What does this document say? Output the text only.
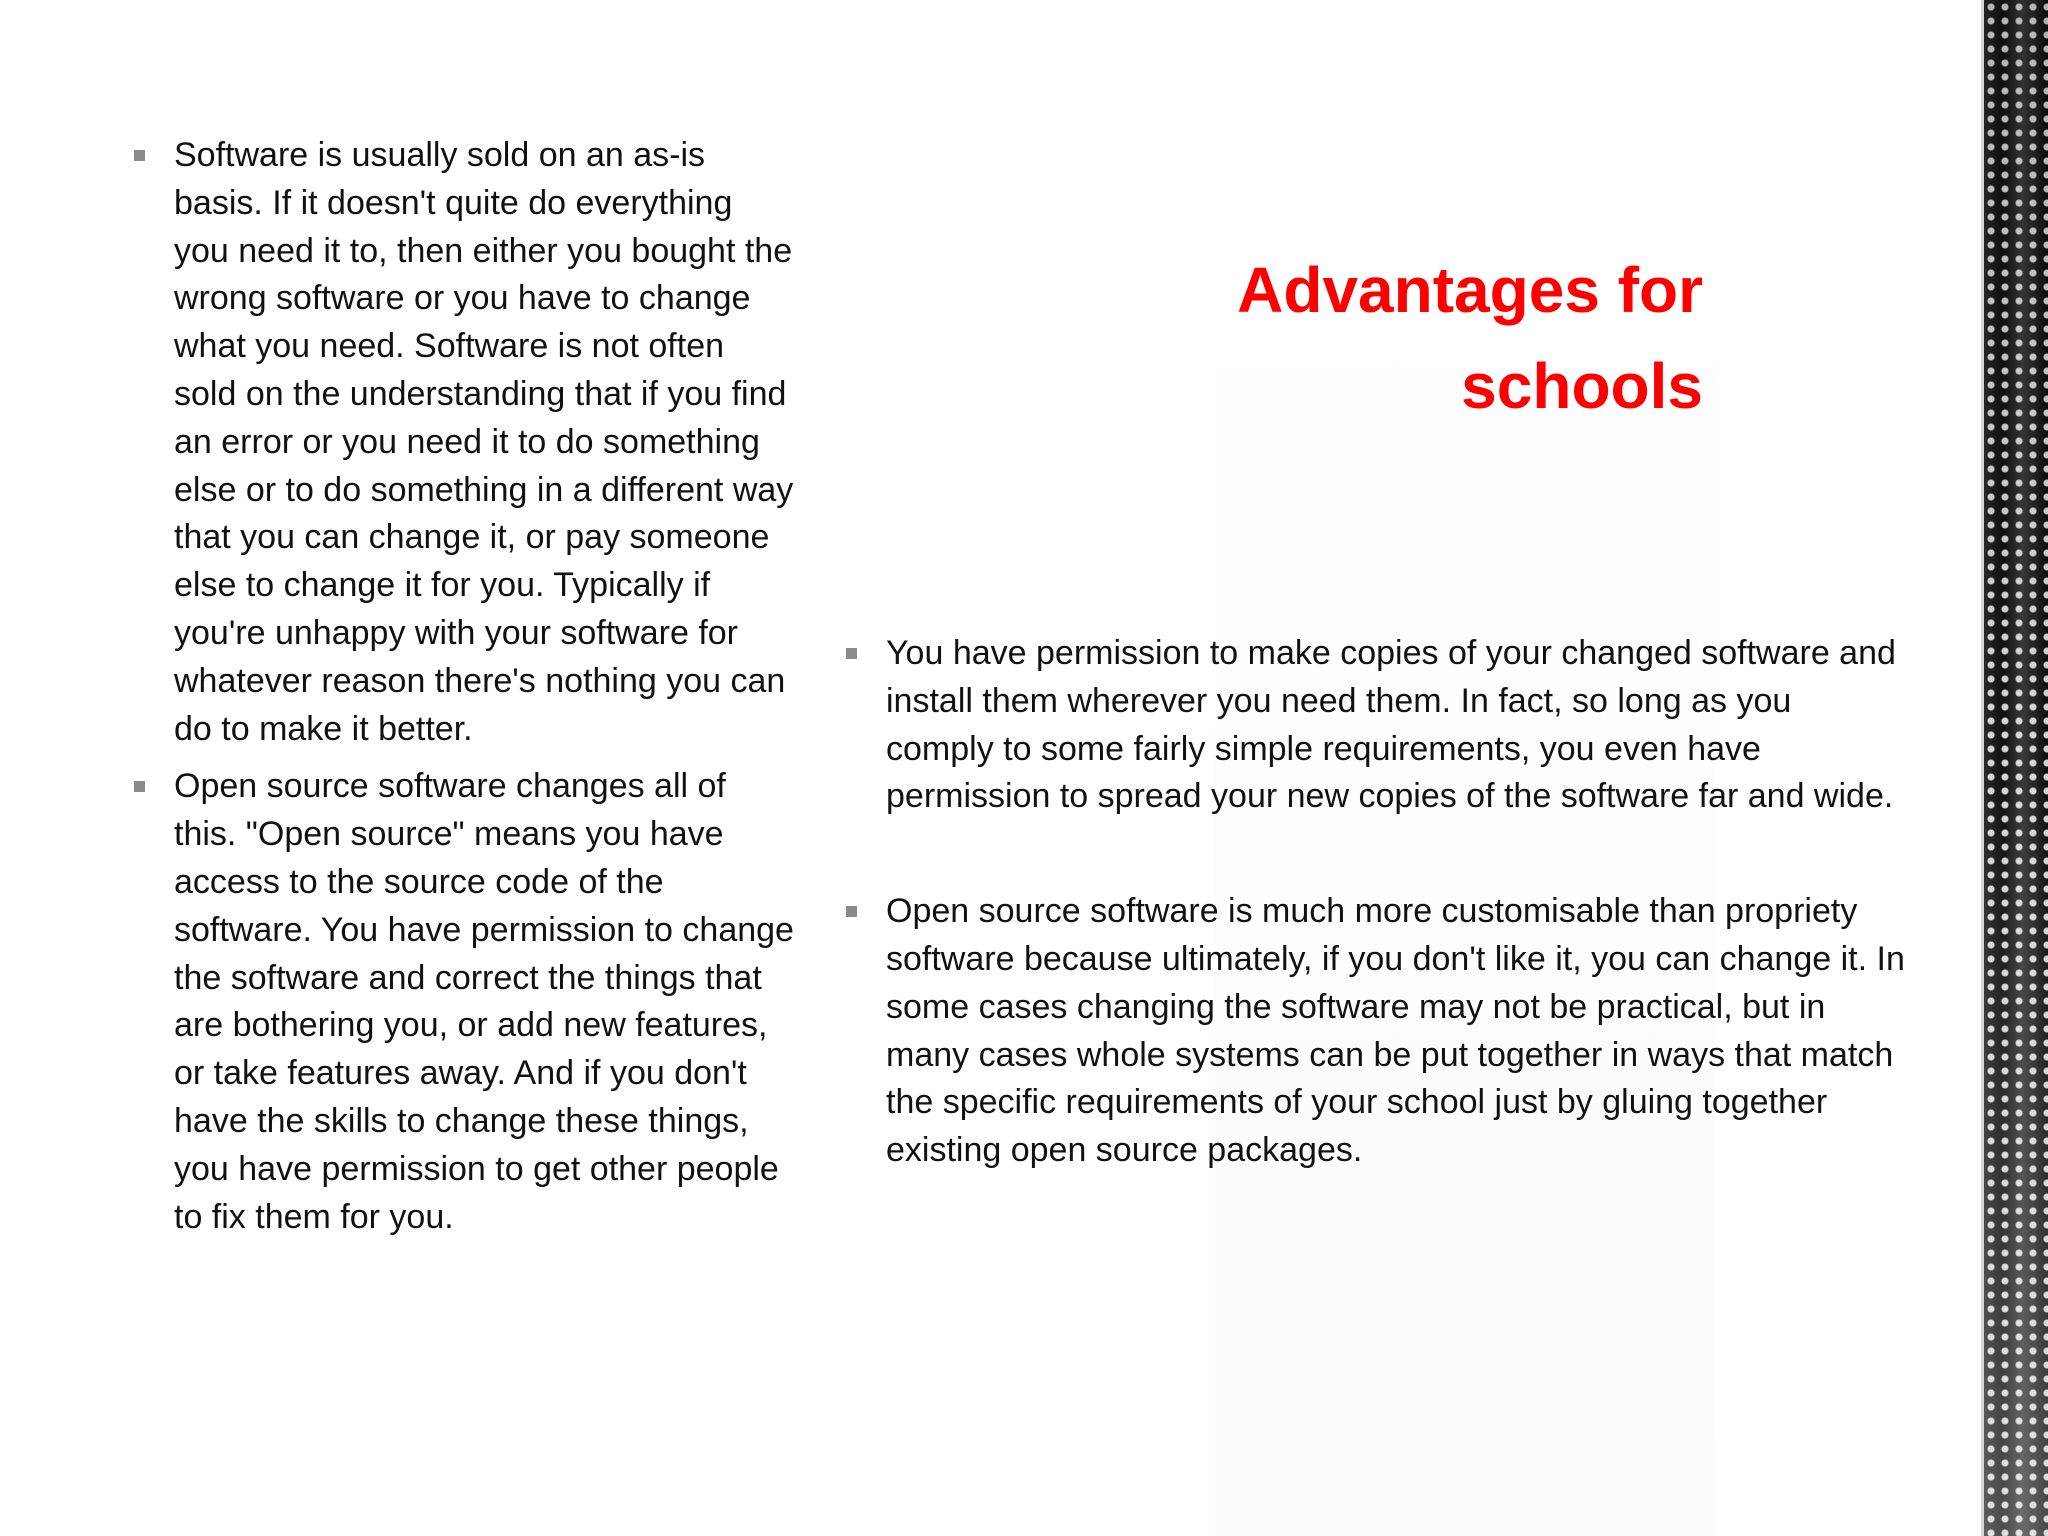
Software is usually sold on an as-is basis. If it doesn't quite do everything you need it to, then either you bought the wrong software or you have to change what you need. Software is not often sold on the understanding that if you find an error or you need it to do something else or to do something in a different way that you can change it, or pay someone else to change it for you. Typically if you're unhappy with your software for whatever reason there's nothing you can do to make it better.
Open source software changes all of this. "Open source" means you have access to the source code of the software. You have permission to change the software and correct the things that are bothering you, or add new features, or take features away. And if you don't have the skills to change these things, you have permission to get other people to fix them for you.
Advantages for
schools
You have permission to make copies of your changed software and install them wherever you need them. In fact, so long as you comply to some fairly simple requirements, you even have permission to spread your new copies of the software far and wide.
Open source software is much more customisable than propriety software because ultimately, if you don't like it, you can change it. In some cases changing the software may not be practical, but in many cases whole systems can be put together in ways that match the specific requirements of your school just by gluing together existing open source packages.
